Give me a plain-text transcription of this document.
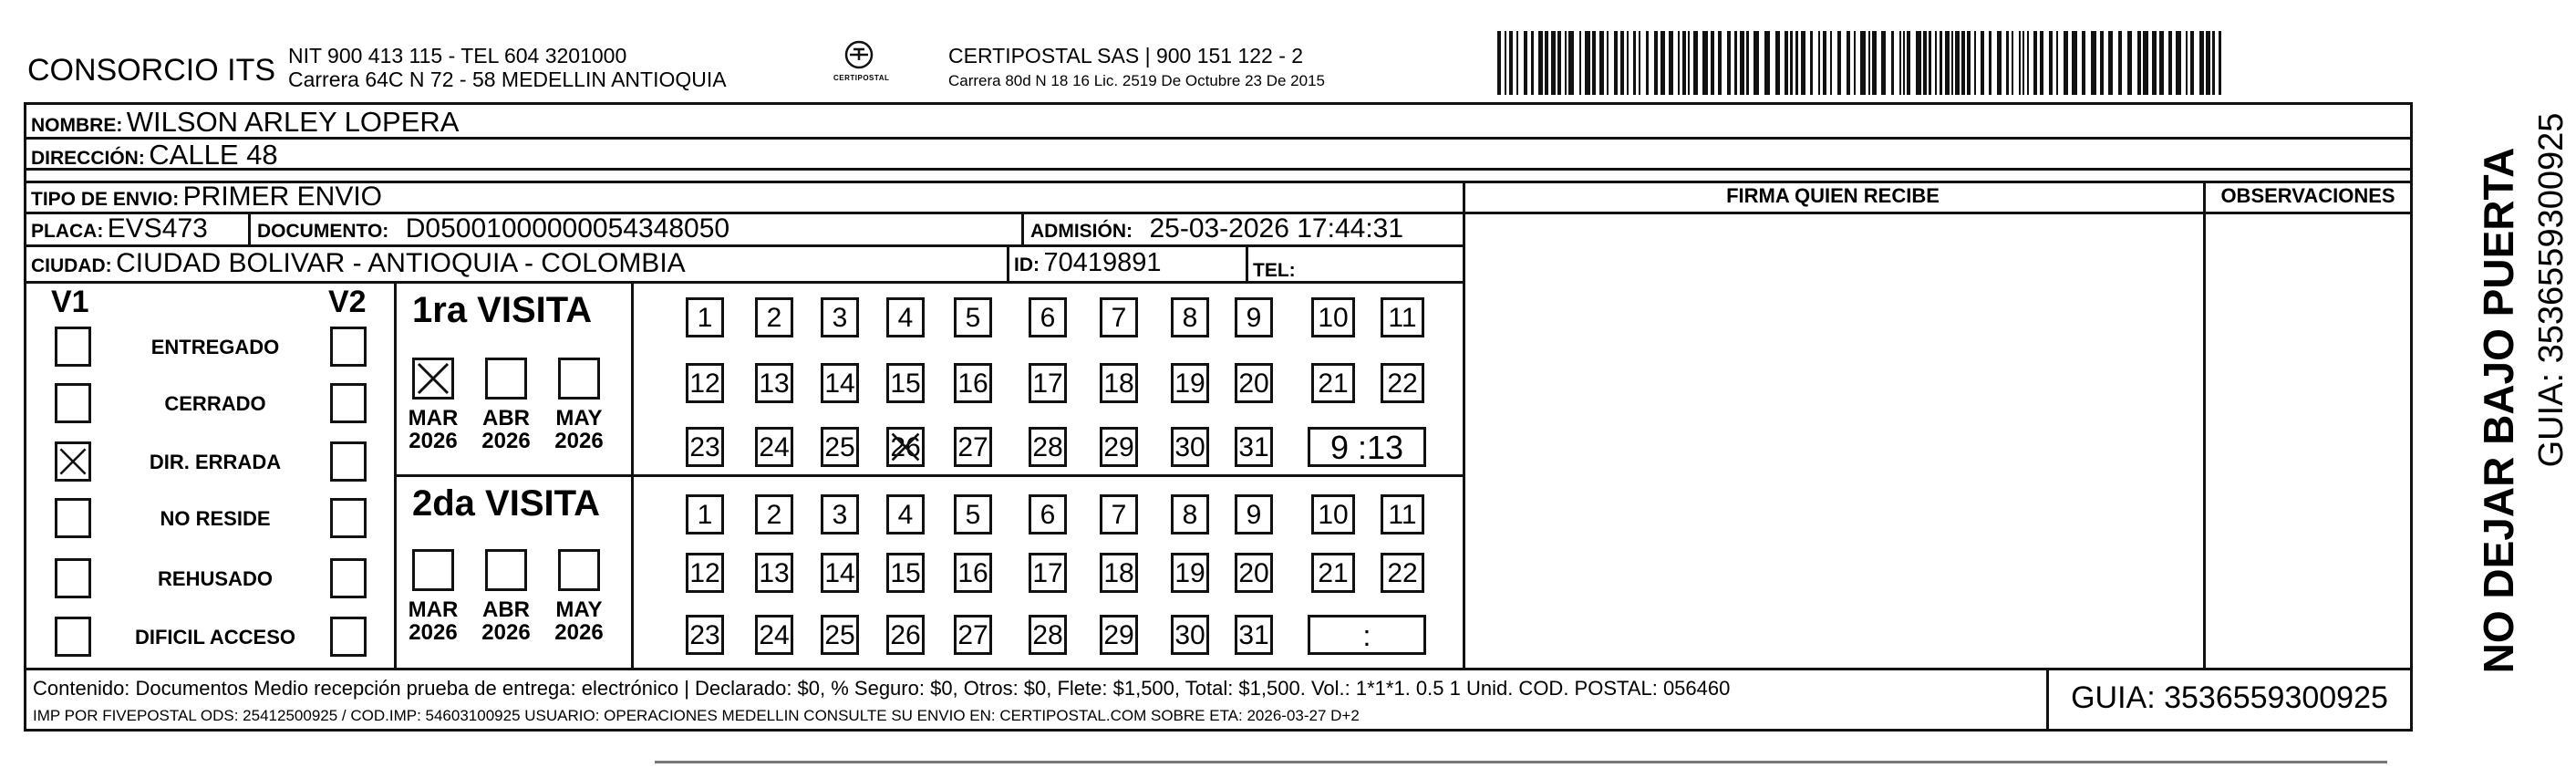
CONSORCIO ITS NIT 900 413 115 - TEL 604 3201000
Carrera 64C N 72 - 58 MEDELLIN ANTIOQUIA	CERTIPOSTAL
CERTIPOSTAL SAS | 900 151 122 - 2
Carrera 80d N 18 16 Lic. 2519 De Octubre 23 De 2015
NOMBRE: WILSON ARLEY LOPERA
DIRECCIÓN: CALLE 48
TIPO DE ENVIO: PRIMER ENVIO
PLACA: EVS473	DOCUMENTO: D05001000000054348050	ADMISIÓN: 25-03-2026 17:44:31
CIUDAD: CIUDAD BOLIVAR - ANTIOQUIA - COLOMBIA	ID: 70419891	TEL:
FIRMA QUIEN RECIBE	OBSERVACIONES
V1	V2
ENTREGADO
CERRADO
DIR. ERRADA
NO RESIDE
REHUSADO
DIFICIL ACCESO
1ra VISITA
2da VISITA
MAR
2026
ABR
2026
MAY
2026
MAR
2026
ABR
2026
MAY
2026
1	2	3	4	5	6	7	8	9	10 11
12 13 14 15 16 17 18 19 20 21 22
23 24 25 26 27 28 29 30 31	9 :13
1	2	3	4	5	6	7	8	9	10 11
12 13 14 15 16 17 18 19 20 21 22
23 24 25 26 27 28 29 30 31	:
Contenido: Documentos Medio recepción prueba de entrega: electrónico | Declarado: $0, % Seguro: $0, Otros: $0, Flete: $1,500, Total: $1,500. Vol.: 1*1*1. 0.5 1 Unid. COD. POSTAL: 056460
IMP POR FIVEPOSTAL ODS: 25412500925 / COD.IMP: 54603100925 USUARIO: OPERACIONES MEDELLIN CONSULTE SU ENVIO EN: CERTIPOSTAL.COM SOBRE ETA: 2026-03-27 D+2
GUIA: 3536559300925
NO DEJAR BAJO PUERTA GUIA: 3536559300925
